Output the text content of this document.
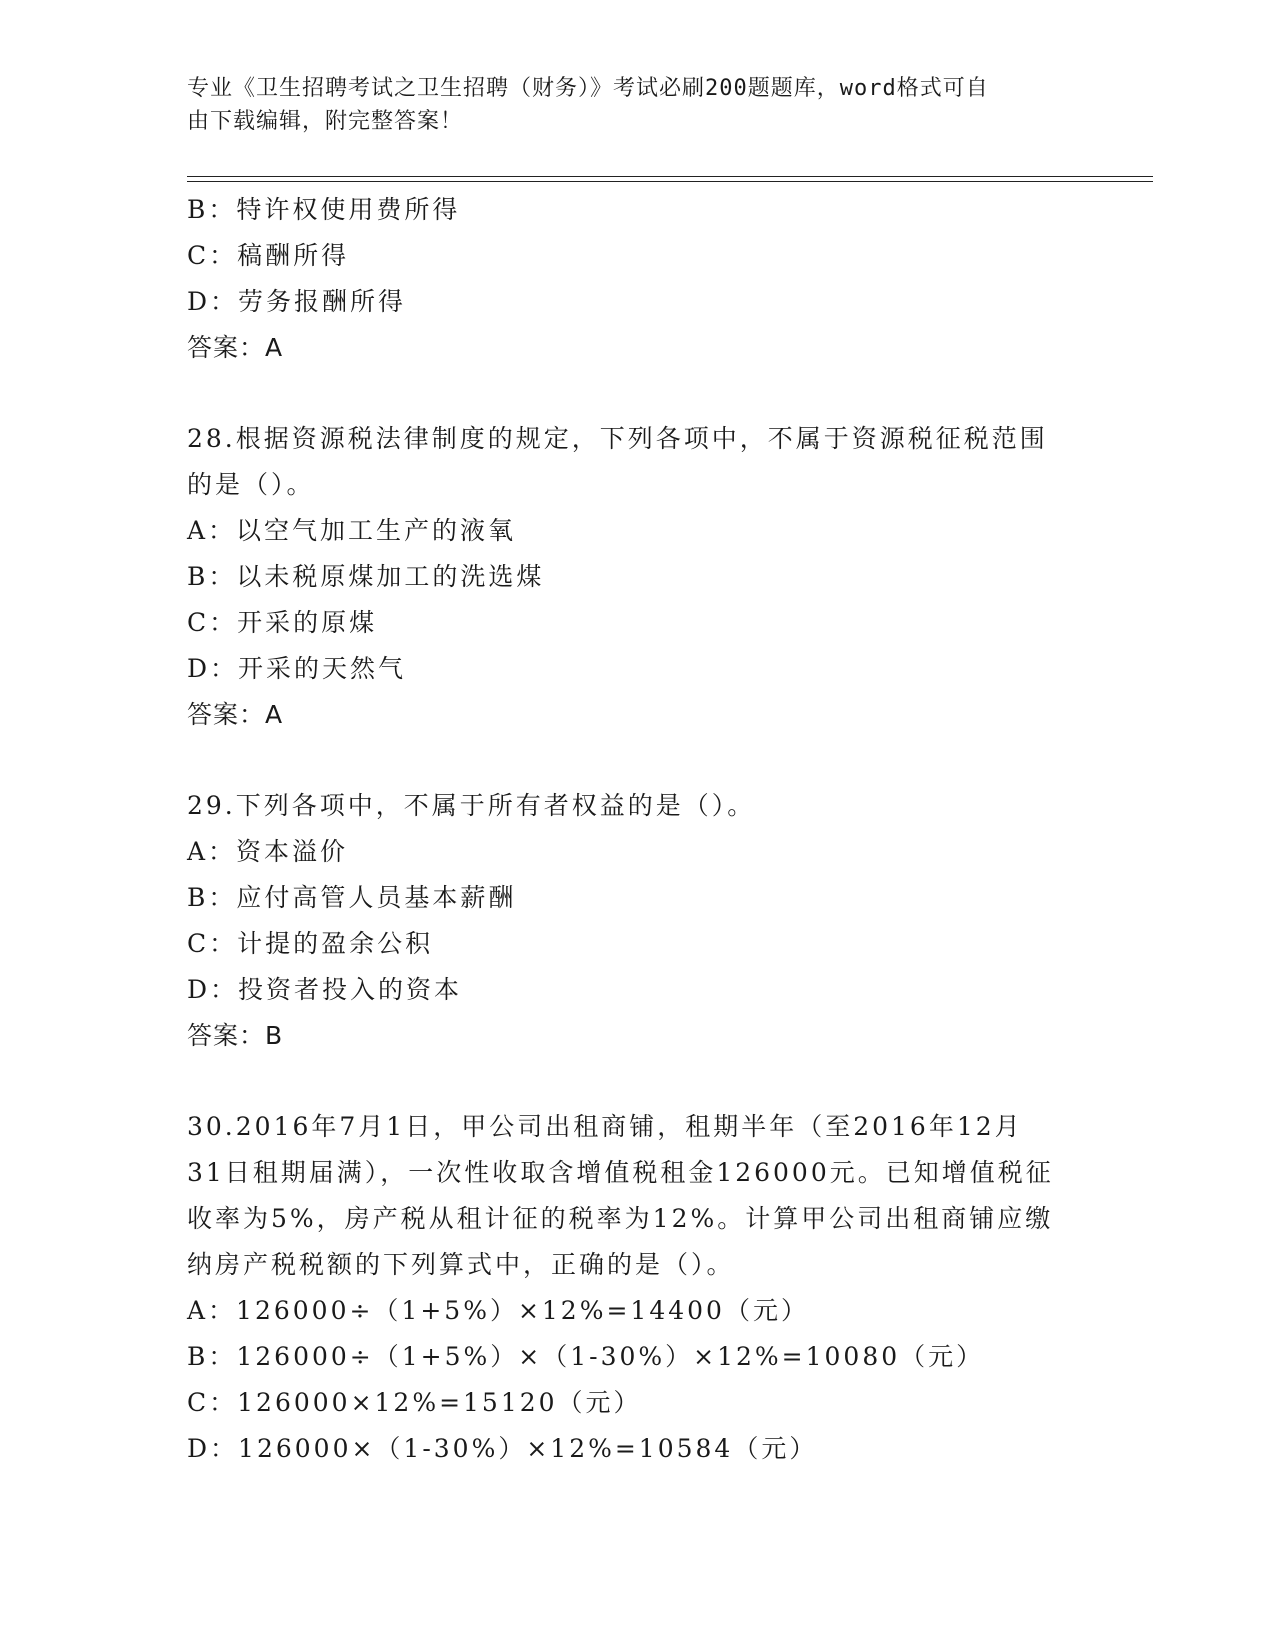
专业《卫生招聘考试之卫生招聘（财务）》考试必刷200题题库，word格式可自
由下载编辑，附完整答案！
B：特许权使用费所得
C：稿酬所得
D：劳务报酬所得
答案：A
28.根据资源税法律制度的规定，下列各项中，不属于资源税征税范围
的是（）。
A：以空气加工生产的液氧
B：以未税原煤加工的洗选煤
C：开采的原煤
D：开采的天然气
答案：A
29.下列各项中，不属于所有者权益的是（）。
A：资本溢价
B：应付高管人员基本薪酬
C：计提的盈余公积
D：投资者投入的资本
答案：B
30.2016年7月1日，甲公司出租商铺，租期半年（至2016年12月
31日租期届满），一次性收取含增值税租金126000元。已知增值税征
收率为5%，房产税从租计征的税率为12%。计算甲公司出租商铺应缴
纳房产税税额的下列算式中，正确的是（）。
A：126000÷（1+5%）×12%=14400（元）
B：126000÷（1+5%）×（1-30%）×12%=10080（元）
C：126000×12%=15120（元）
D：126000×（1-30%）×12%=10584（元）
